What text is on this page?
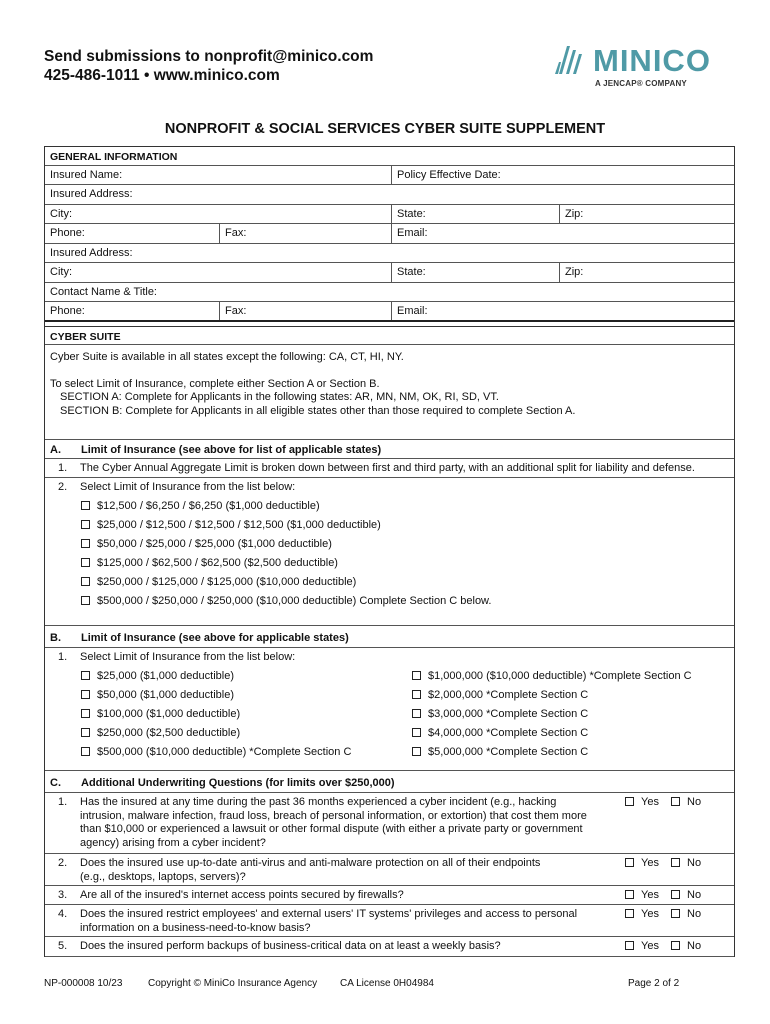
Send submissions to nonprofit@minico.com
425-486-1011 • www.minico.com	MINICO
A JENCAP® COMPANY
NONPROFIT & SOCIAL SERVICES CYBER SUITE SUPPLEMENT
GENERAL INFORMATION
Insured Name:	Policy Effective Date:
Insured Address:
City:	State:	Zip:
Phone:	Fax:	Email:
Insured Address:
City:	State:	Zip:
Contact Name & Title:
Phone:	Fax:	Email:
CYBER SUITE
Cyber Suite is available in all states except the following: CA, CT, HI, NY.
To select Limit of Insurance, complete either Section A or Section B.
SECTION A: Complete for Applicants in the following states: AR, MN, NM, OK, RI, SD, VT.
SECTION B: Complete for Applicants in all eligible states other than those required to complete Section A.
A. Limit of Insurance (see above for list of applicable states)
1. The Cyber Annual Aggregate Limit is broken down between first and third party, with an additional split for liability and defense.
2. Select Limit of Insurance from the list below:
$12,500 / $6,250 / $6,250 ($1,000 deductible)
$25,000 / $12,500 / $12,500 / $12,500 ($1,000 deductible)
$50,000 / $25,000 / $25,000 ($1,000 deductible)
$125,000 / $62,500 / $62,500 ($2,500 deductible)
$250,000 / $125,000 / $125,000 ($10,000 deductible)
$500,000 / $250,000 / $250,000 ($10,000 deductible) Complete Section C below.
B. Limit of Insurance (see above for applicable states)
1. Select Limit of Insurance from the list below:
$25,000 ($1,000 deductible)
$50,000 ($1,000 deductible)
$100,000 ($1,000 deductible)
$250,000 ($2,500 deductible)
$500,000 ($10,000 deductible) *Complete Section C
$1,000,000 ($10,000 deductible) *Complete Section C
$2,000,000 *Complete Section C
$3,000,000 *Complete Section C
$4,000,000 *Complete Section C
$5,000,000 *Complete Section C
C. Additional Underwriting Questions (for limits over $250,000)
1. Has the insured at any time during the past 36 months experienced a cyber incident (e.g., hacking
intrusion, malware infection, fraud loss, breach of personal information, or extortion) that cost them more
than $10,000 or experienced a lawsuit or other formal dispute (with either a private party or government
agency) arising from a cyber incident?
Yes	No
2. Does the insured use up-to-date anti-virus and anti-malware protection on all of their endpoints
(e.g., desktops, laptops, servers)?
Yes	No
3. Are all of the insured's internet access points secured by firewalls?	Yes	No
4. Does the insured restrict employees' and external users' IT systems' privileges and access to personal
information on a business-need-to-know basis?
Yes	No
5. Does the insured perform backups of business-critical data on at least a weekly basis?	Yes	No
NP-000008 10/23	Copyright © MiniCo Insurance Agency CA License 0H04984	Page 2 of 2
